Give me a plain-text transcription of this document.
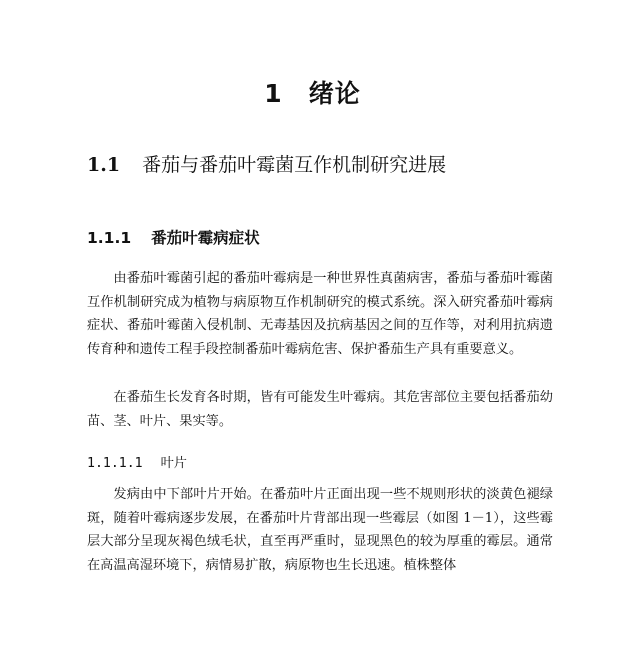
1 绪论
1.1 番茄与番茄叶霉菌互作机制研究进展
1.1.1 番茄叶霉病症状

由番茄叶霉菌引起的番茄叶霉病是一种世界性真菌病害，番茄与番茄叶霉菌互作机制研究成为植物与病原物互作机制研究的模式系统。深入研究番茄叶霉病症状、番茄叶霉菌入侵机制、无毒基因及抗病基因之间的互作等，对利用抗病遗传育种和遗传工程手段控制番茄叶霉病危害、保护番茄生产具有重要意义。

在番茄生长发育各时期，皆有可能发生叶霉病。其危害部位主要包括番茄幼苗、茎、叶片、果实等。

1.1.1.1 叶片

发病由中下部叶片开始。在番茄叶片正面出现一些不规则形状的淡黄色褪绿斑，随着叶霉病逐步发展，在番茄叶片背部出现一些霉层（如图 1－1），这些霉层大部分呈现灰褐色绒毛状，直至再严重时，显现黑色的较为厚重的霉层。通常在高温高湿环境下，病情易扩散，病原物也生长迅速。植株整体
